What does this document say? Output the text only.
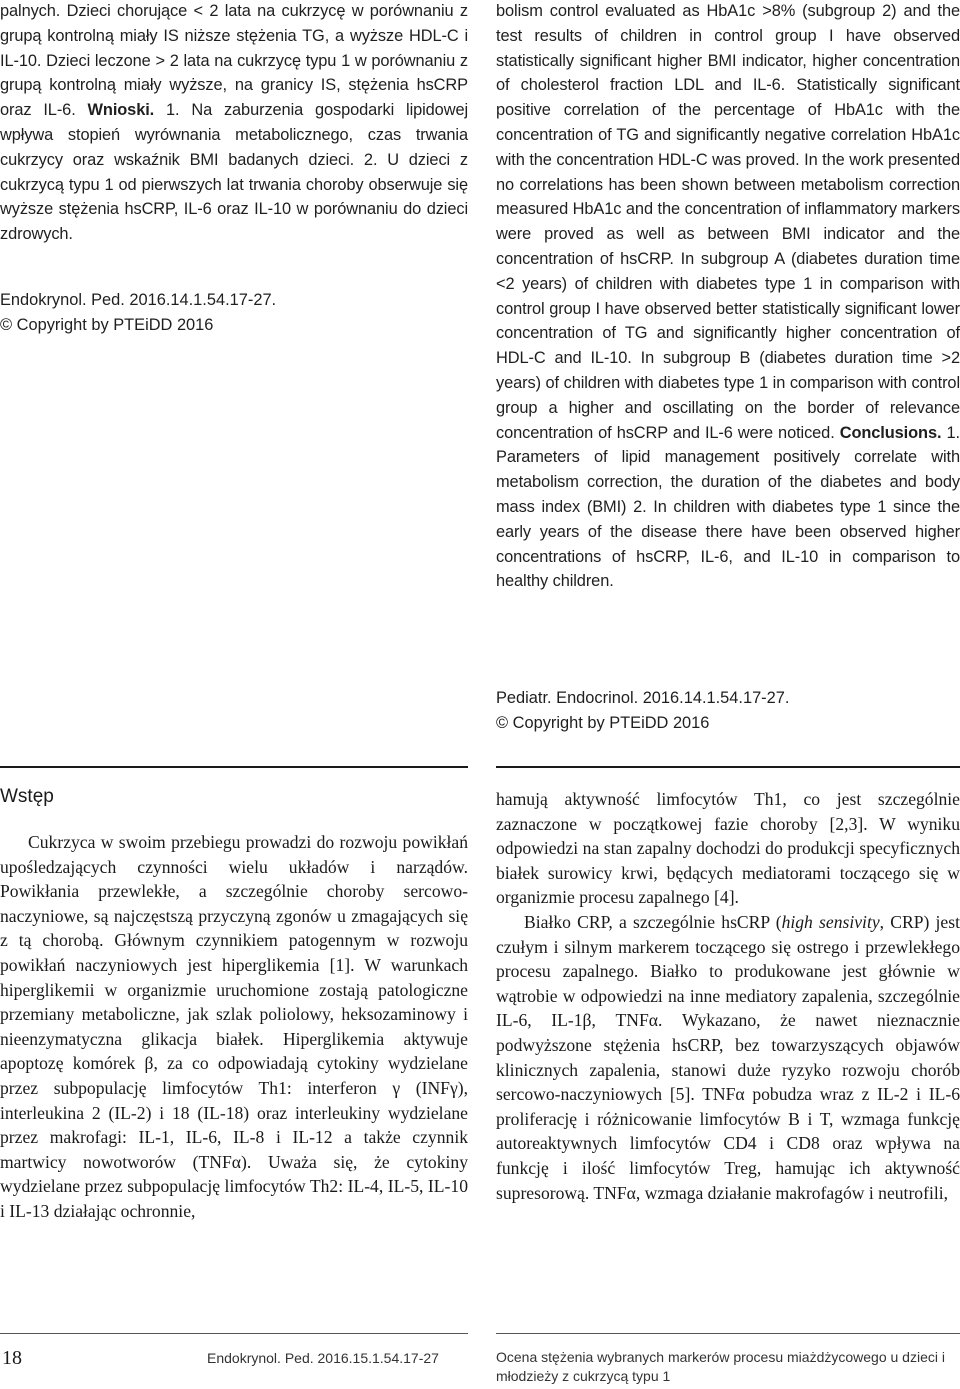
palnych. Dzieci chorujące < 2 lata na cukrzycę w porównaniu z grupą kontrolną miały IS niższe stężenia TG, a wyższe HDL-C i IL-10. Dzieci leczone > 2 lata na cukrzycę typu 1 w porównaniu z grupą kontrolną miały wyższe, na granicy IS, stężenia hsCRP oraz IL-6. Wnioski. 1. Na zaburzenia gospodarki lipidowej wpływa stopień wyrównania metabolicznego, czas trwania cukrzycy oraz wskaźnik BMI badanych dzieci. 2. U dzieci z cukrzycą typu 1 od pierwszych lat trwania choroby obserwuje się wyższe stężenia hsCRP, IL-6 oraz IL-10 w porównaniu do dzieci zdrowych.

Endokrynol. Ped. 2016.14.1.54.17-27.
© Copyright by PTEiDD 2016

bolism control evaluated as HbA1c >8% (subgroup 2) and the test results of children in control group I have observed statistically significant higher BMI indicator, higher concentration of cholesterol fraction LDL and IL-6. Statistically significant positive correlation of the percentage of HbA1c with the concentration of TG and significantly negative correlation HbA1c with the concentration HDL-C was proved. In the work presented no correlations has been shown between metabolism correction measured HbA1c and the concentration of inflammatory markers were proved as well as between BMI indicator and the concentration of hsCRP. In subgroup A (diabetes duration time <2 years) of children with diabetes type 1 in comparison with control group I have observed better statistically significant lower concentration of TG and significantly higher concentration of HDL-C and IL-10. In subgroup B (diabetes duration time >2 years) of children with diabetes type 1 in comparison with control group a higher and oscillating on the border of relevance concentration of hsCRP and IL-6 were noticed. Conclusions. 1. Parameters of lipid management positively correlate with metabolism correction, the duration of the diabetes and body mass index (BMI) 2. In children with diabetes type 1 since the early years of the disease there have been observed higher concentrations of hsCRP, IL-6, and IL-10 in comparison to healthy children.

Pediatr. Endocrinol. 2016.14.1.54.17-27.
© Copyright by PTEiDD 2016
Wstęp

Cukrzyca w swoim przebiegu prowadzi do rozwoju powikłań upośledzających czynności wielu układów i narządów. Powikłania przewlekłe, a szczególnie choroby sercowo-naczyniowe, są najczęstszą przyczyną zgonów u zmagających się z tą chorobą. Głównym czynnikiem patogennym w rozwoju powikłań naczyniowych jest hiperglikemia [1]. W warunkach hiperglikemii w organizmie uruchomione zostają patologiczne przemiany metaboliczne, jak szlak poliolowy, heksozaminowy i nieenzymatyczna glikacja białek. Hiperglikemia aktywuje apoptozę komórek β, za co odpowiadają cytokiny wydzielane przez subpopulację limfocytów Th1: interferon γ (INFγ), interleukina 2 (IL-2) i 18 (IL-18) oraz interleukiny wydzielane przez makrofagi: IL-1, IL-6, IL-8 i IL-12 a także czynnik martwicy nowotworów (TNFα). Uważa się, że cytokiny wydzielane przez subpopulację limfocytów Th2: IL-4, IL-5, IL-10 i IL-13 działając ochronnie,

hamują aktywność limfocytów Th1, co jest szczególnie zaznaczone w początkowej fazie choroby [2,3]. W wyniku odpowiedzi na stan zapalny dochodzi do produkcji specyficznych białek surowicy krwi, będących mediatorami toczącego się w organizmie procesu zapalnego [4].

Białko CRP, a szczególnie hsCRP (high sensivity, CRP) jest czułym i silnym markerem toczącego się ostrego i przewlekłego procesu zapalnego. Białko to produkowane jest głównie w wątrobie w odpowiedzi na inne mediatory zapalenia, szczególnie IL-6, IL-1β, TNFα. Wykazano, że nawet nieznacznie podwyższone stężenia hsCRP, bez towarzyszących objawów klinicznych zapalenia, stanowi duże ryzyko rozwoju chorób sercowo-naczyniowych [5]. TNFα pobudza wraz z IL-2 i IL-6 proliferację i różnicowanie limfocytów B i T, wzmaga funkcję autoreaktywnych limfocytów CD4 i CD8 oraz wpływa na funkcję i ilość limfocytów Treg, hamując ich aktywność supresorową. TNFα, wzmaga działanie makrofagów i neutrofili,

18	Endokrynol. Ped. 2016.15.1.54.17-27	Ocena stężenia wybranych markerów procesu miażdżycowego u dzieci i młodzieży z cukrzycą typu 1
